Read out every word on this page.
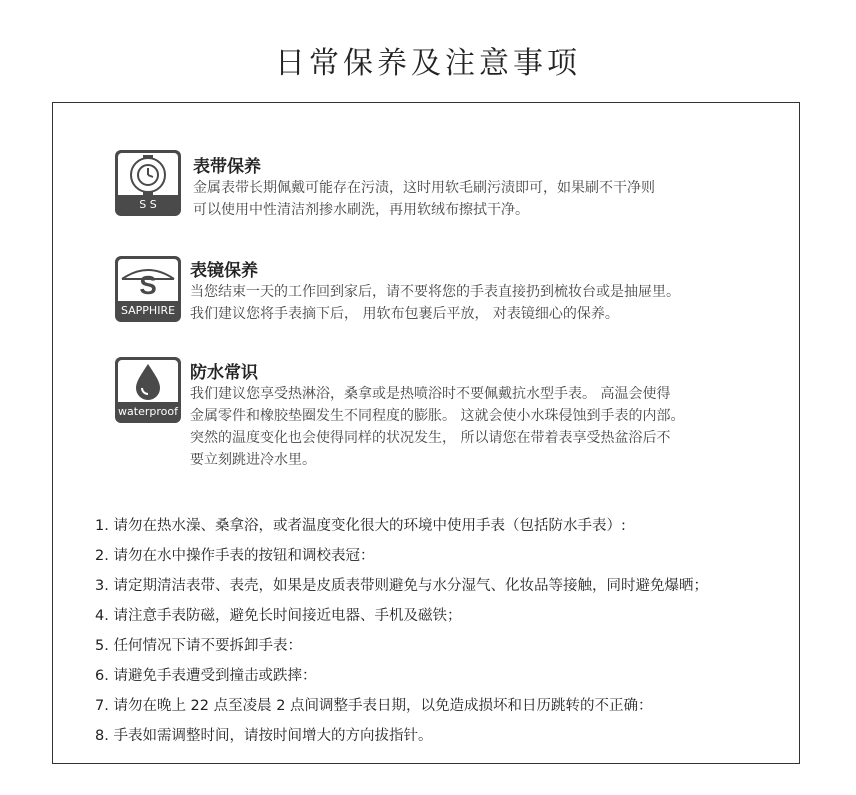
日常保养及注意事项
S S
表带保养
金属表带长期佩戴可能存在污渍，这时用软毛刷污渍即可，如果刷不干净则
可以使用中性清洁剂掺水刷洗，再用软绒布擦拭干净。
S
SAPPHIRE
表镜保养
当您结束一天的工作回到家后，请不要将您的手表直接扔到梳妆台或是抽屉里。
我们建议您将手表摘下后， 用软布包裹后平放， 对表镜细心的保养。
waterproof
防水常识
我们建议您享受热淋浴，桑拿或是热喷浴时不要佩戴抗水型手表。 高温会使得
金属零件和橡胶垫圈发生不同程度的膨胀。 这就会使小水珠侵蚀到手表的内部。
突然的温度变化也会使得同样的状况发生， 所以请您在带着表享受热盆浴后不
要立刻跳进冷水里。
1. 请勿在热水澡、桑拿浴，或者温度变化很大的环境中使用手表（包括防水手表）:
2. 请勿在水中操作手表的按钮和调校表冠：
3. 请定期清洁表带、表壳，如果是皮质表带则避免与水分湿气、化妆品等接触，同时避免爆晒；
4. 请注意手表防磁，避免长时间接近电器、手机及磁铁；
5. 任何情况下请不要拆卸手表：
6. 请避免手表遭受到撞击或跌摔：
7. 请勿在晚上 22 点至凌晨 2 点间调整手表日期，以免造成损坏和日历跳转的不正确：
8. 手表如需调整时间，请按时间增大的方向拔指针。
